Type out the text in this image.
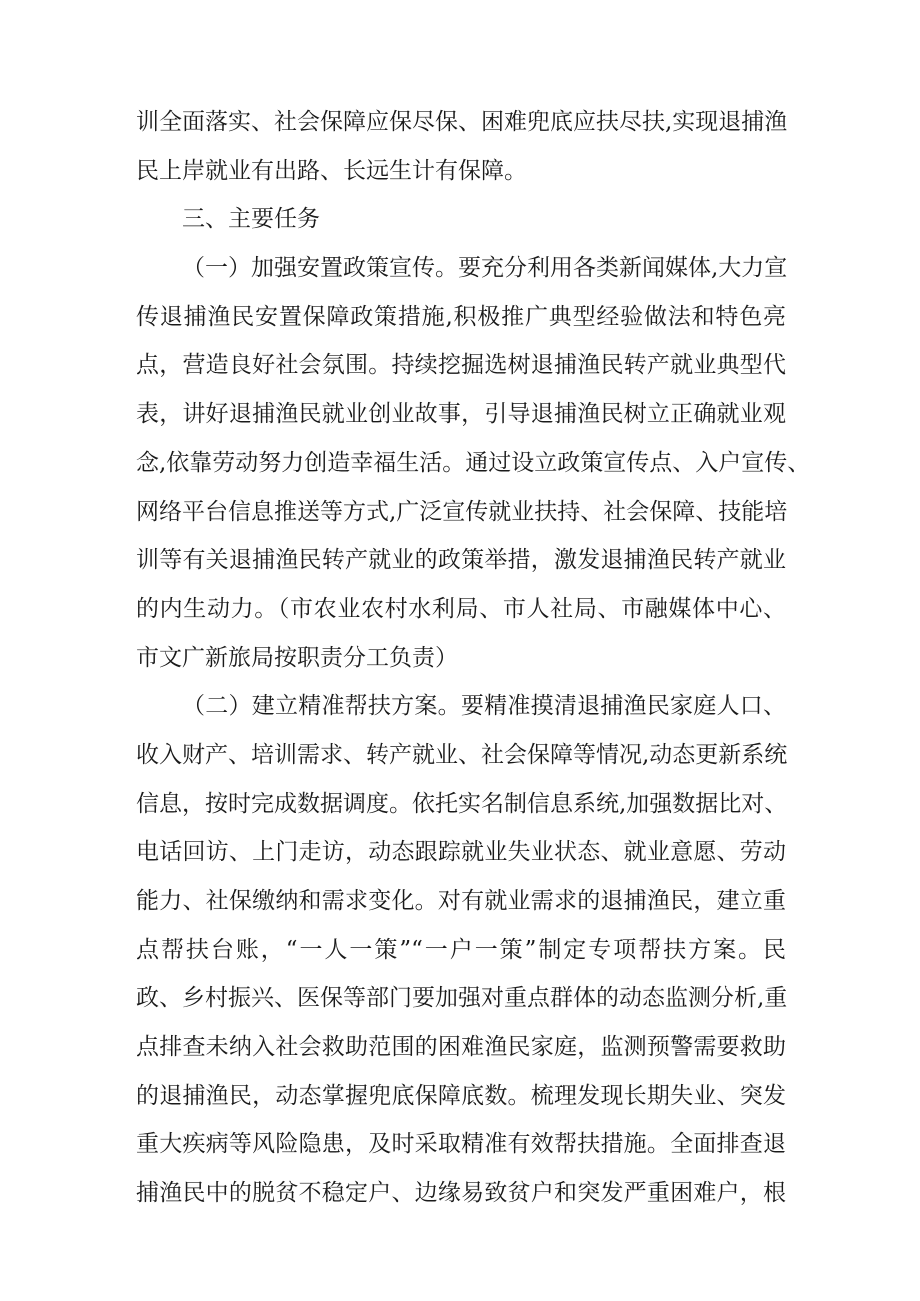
训全面落实、社会保障应保尽保、困难兜底应扶尽扶,实现退捕渔
民上岸就业有出路、长远生计有保障。
三、主要任务
（一）加强安置政策宣传。要充分利用各类新闻媒体,大力宣
传退捕渔民安置保障政策措施,积极推广典型经验做法和特色亮
点，营造良好社会氛围。持续挖掘选树退捕渔民转产就业典型代
表，讲好退捕渔民就业创业故事，引导退捕渔民树立正确就业观
念,依靠劳动努力创造幸福生活。通过设立政策宣传点、入户宣传、
网络平台信息推送等方式,广泛宣传就业扶持、社会保障、技能培
训等有关退捕渔民转产就业的政策举措，激发退捕渔民转产就业
的内生动力。（市农业农村水利局、市人社局、市融媒体中心、
市文广新旅局按职责分工负责）
（二）建立精准帮扶方案。要精准摸清退捕渔民家庭人口、
收入财产、培训需求、转产就业、社会保障等情况,动态更新系统
信息，按时完成数据调度。依托实名制信息系统,加强数据比对、
电话回访、上门走访，动态跟踪就业失业状态、就业意愿、劳动
能力、社保缴纳和需求变化。对有就业需求的退捕渔民，建立重
点帮扶台账，“一人一策”“一户一策”制定专项帮扶方案。民
政、乡村振兴、医保等部门要加强对重点群体的动态监测分析,重
点排查未纳入社会救助范围的困难渔民家庭，监测预警需要救助
的退捕渔民，动态掌握兜底保障底数。梳理发现长期失业、突发
重大疾病等风险隐患，及时采取精准有效帮扶措施。全面排查退
捕渔民中的脱贫不稳定户、边缘易致贫户和突发严重困难户，根
